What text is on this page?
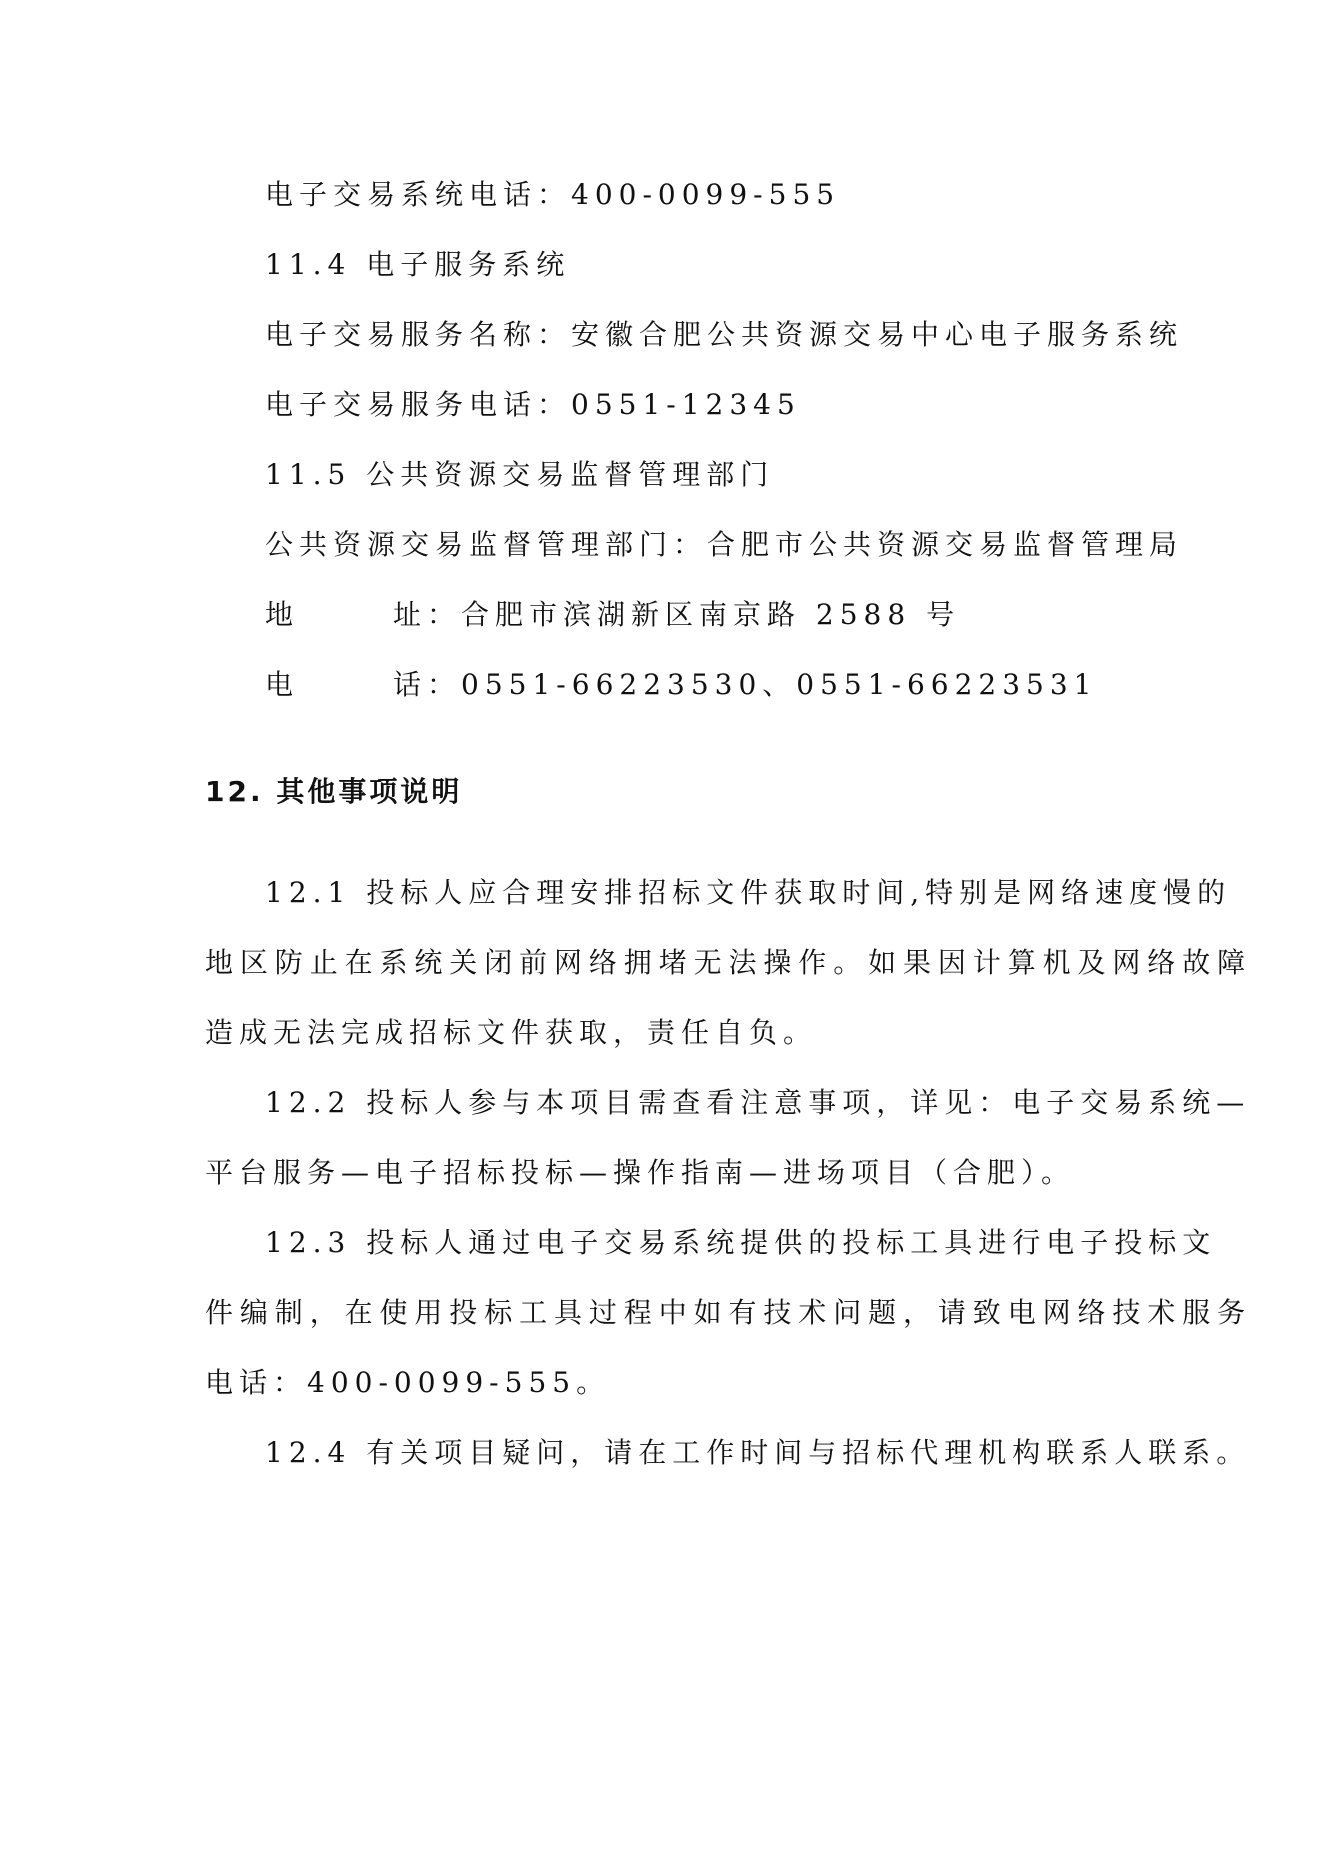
电子交易系统电话：400-0099-555
11.4 电子服务系统
电子交易服务名称：安徽合肥公共资源交易中心电子服务系统
电子交易服务电话：0551-12345
11.5 公共资源交易监督管理部门
公共资源交易监督管理部门：合肥市公共资源交易监督管理局
地	址：合肥市滨湖新区南京路 2588 号
电	话：0551-66223530、0551-66223531
12. 其他事项说明
12.1 投标人应合理安排招标文件获取时间,特别是网络速度慢的
地区防止在系统关闭前网络拥堵无法操作。如果因计算机及网络故障
造成无法完成招标文件获取，责任自负。
12.2 投标人参与本项目需查看注意事项，详见：电子交易系统—
平台服务—电子招标投标—操作指南—进场项目（合肥）。
12.3 投标人通过电子交易系统提供的投标工具进行电子投标文
件编制，在使用投标工具过程中如有技术问题，请致电网络技术服务
电话：400-0099-555。
12.4 有关项目疑问，请在工作时间与招标代理机构联系人联系。
